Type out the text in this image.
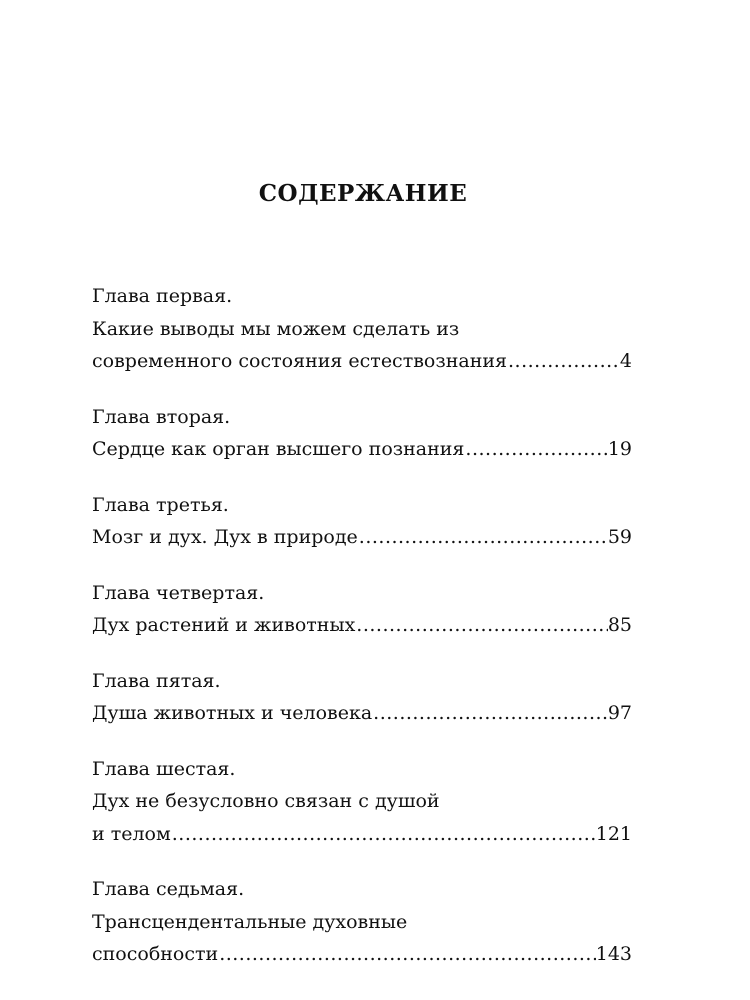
СОДЕРЖАНИЕ
Глава первая.
Какие выводы мы можем сделать из
современного состояния естествознания .....	4
Глава вторая.
Сердце как орган высшего познания .....	19
Глава третья.
Мозг и дух. Дух в природе .....	59
Глава четвертая.
Дух растений и животных .....	85
Глава пятая.
Душа животных и человека .....	97
Глава шестая.
Дух не безусловно связан с душой
и телом .....	121
Глава седьмая.
Трансцендентальные духовные
способности .....	143
